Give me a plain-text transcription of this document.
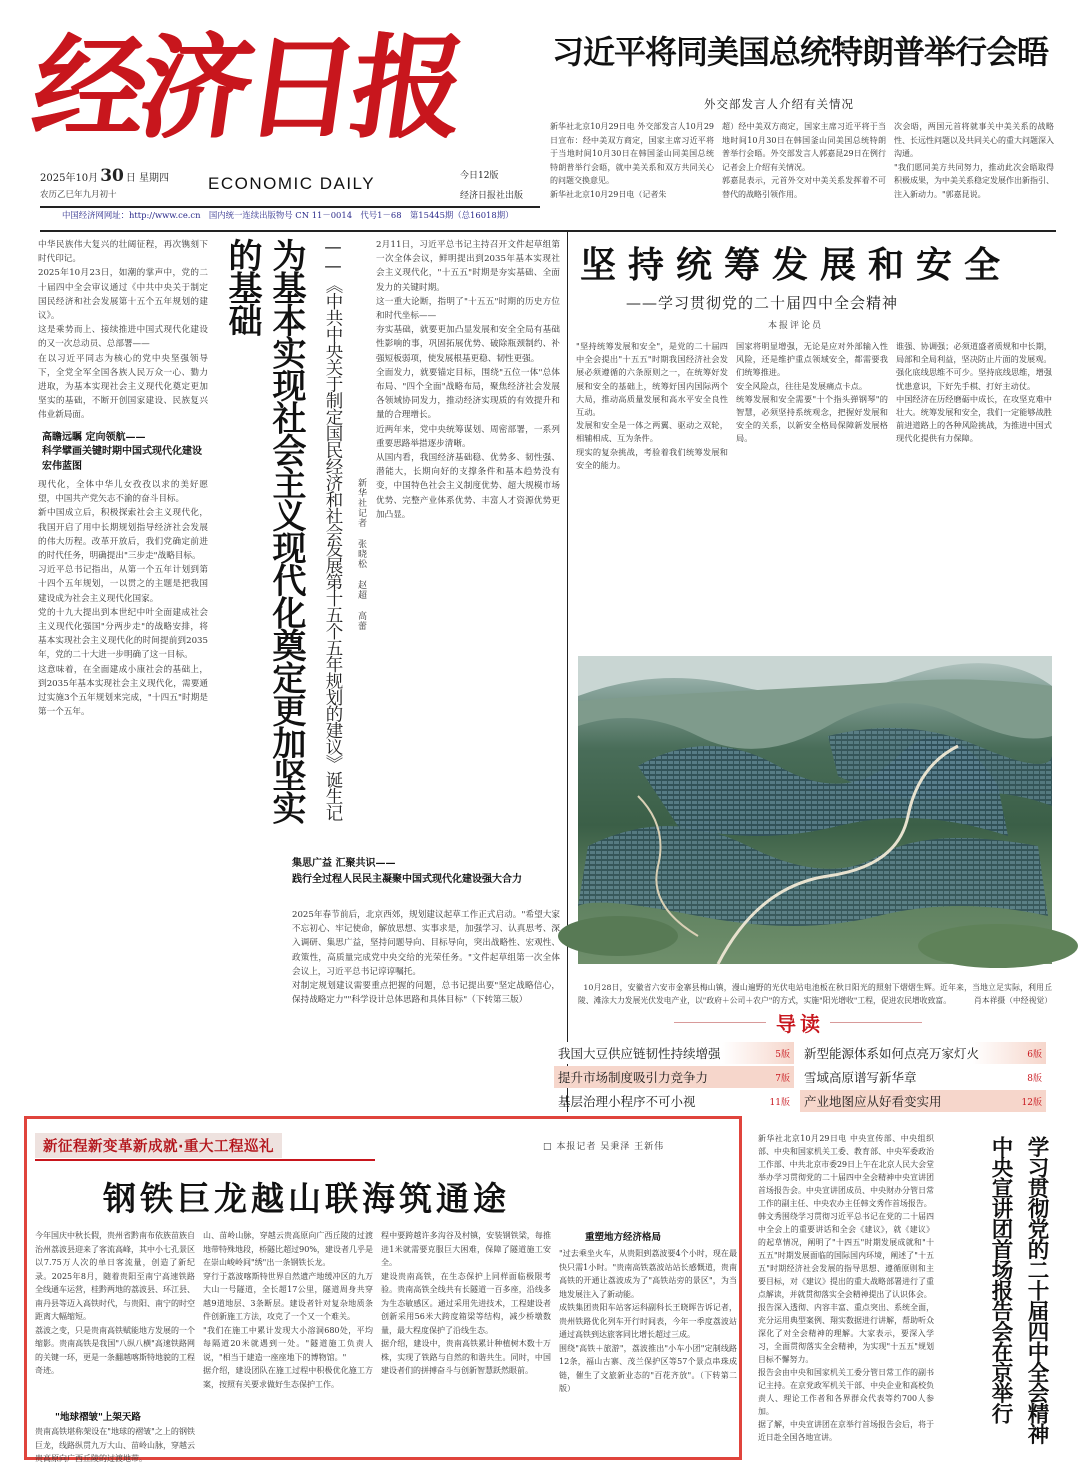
经济日报
2025年10月 30 日 星期四
农历乙巳年九月初十
ECONOMIC DAILY	今日12版
经济日报社出版
中国经济网网址：http://www.ce.cn　国内统一连续出版物号 CN 11－0014　代号1－68　第15445期（总16018期）
习近平将同美国总统特朗普举行会晤
外交部发言人介绍有关情况
新华社北京10月29日电 外交部发言人10月29日宣布：经中美双方商定，国家主席习近平将于当地时间10月30日在韩国釜山同美国总统特朗普举行会晤，就中美关系和双方共同关心的问题交换意见。
新华社北京10月29日电（记者朱
超）经中美双方商定，国家主席习近平将于当地时间10月30日在韩国釜山同美国总统特朗普举行会晤。外交部发言人郭嘉昆29日在例行记者会上介绍有关情况。
郭嘉昆表示，元首外交对中美关系发挥着不可替代的战略引领作用。
次会晤，两国元首将就事关中美关系的战略性、长远性问题以及共同关心的重大问题深入沟通。
"我们愿同美方共同努力，推动此次会晤取得积极成果，为中美关系稳定发展作出新指引、注入新动力。"郭嘉昆说。
中华民族伟大复兴的壮阔征程，再次镌刻下时代印记。
2025年10月23日，如潮的掌声中，党的二十届四中全会审议通过《中共中央关于制定国民经济和社会发展第十五个五年规划的建议》。
这是乘势而上、接续推进中国式现代化建设的又一次总动员、总部署——
在以习近平同志为核心的党中央坚强领导下，全党全军全国各族人民万众一心、勠力进取，为基本实现社会主义现代化奠定更加坚实的基础，不断开创国家建设、民族复兴伟业新局面。
高瞻远瞩 定向领航——
科学擘画关键时期中国式现代化建设宏伟蓝图
现代化，全体中华儿女孜孜以求的美好愿望，中国共产党矢志不渝的奋斗目标。
新中国成立后，积极探索社会主义现代化，我国开启了用中长期规划指导经济社会发展的伟大历程。改革开放后，我们党确定前进的时代任务，明确提出"三步走"战略目标。
习近平总书记指出，从第一个五年计划到第十四个五年规划，一以贯之的主题是把我国建设成为社会主义现代化国家。
党的十九大提出到本世纪中叶全面建成社会主义现代化强国"分两步走"的战略安排，将基本实现社会主义现代化的时间提前到2035年，党的二十大进一步明确了这一目标。
这意味着，在全面建成小康社会的基础上，到2035年基本实现社会主义现代化，需要通过实施3个五年规划来完成，"十四五"时期是第一个五年。	为基本实现社会主义现代化奠定更加坚实的基础	——《中共中央关于制定国民经济和社会发展第十五个五年规划的建议》诞生记	新华社记者 张晓松 赵超 高蕾
2月11日，习近平总书记主持召开文件起草组第一次全体会议，鲜明提出到2035年基本实现社会主义现代化，"十五五"时期是夯实基础、全面发力的关键时期。
这一重大论断，指明了"十五五"时期的历史方位和时代坐标——
夯实基础，就要更加凸显发展和安全全局有基础性影响的事，巩固拓展优势、破除瓶颈制约、补强短板弱项，使发展根基更稳、韧性更强。
全面发力，就要锚定目标，围绕"五位一体"总体布局、"四个全面"战略布局，聚焦经济社会发展各领域协同发力，推动经济实现质的有效提升和量的合理增长。
近两年来，党中央统筹谋划、周密部署，一系列重要思路举措逐步清晰。
从国内看，我国经济基础稳、优势多、韧性强、潜能大，长期向好的支撑条件和基本趋势没有变，中国特色社会主义制度优势、超大规模市场优势、完整产业体系优势、丰富人才资源优势更加凸显。
集思广益 汇聚共识——
践行全过程人民民主凝聚中国式现代化建设强大合力
2025年春节前后，北京西郊，规划建议起草工作正式启动。"希望大家不忘初心、牢记使命，解放思想、实事求是，加强学习、认真思考、深入调研、集思广益，坚持问题导向、目标导向，突出战略性、宏观性、政策性，高质量完成党中央交给的光荣任务。"文件起草组第一次全体会议上，习近平总书记谆谆嘱托。
对制定规划建议需要重点把握的问题，总书记提出要"坚定战略信心，保持战略定力""科学设计总体思路和具体目标"（下转第三版）
坚持统筹发展和安全
——学习贯彻党的二十届四中全会精神
本报评论员
"坚持统筹发展和安全"，是党的二十届四中全会提出"十五五"时期我国经济社会发展必须遵循的六条原则之一，在统筹好发展和安全的基础上，统筹好国内国际两个大局，推动高质量发展和高水平安全良性互动。
发展和安全是一体之两翼、驱动之双轮，相辅相成、互为条件。
现实的复杂挑战，考验着我们统筹发展和安全的能力。
国家将明显增强，无论是应对外部输入性风险，还是维护重点领域安全，都需要我们统筹推进。
安全风险点，往往是发展痛点卡点。
统筹发展和安全需要"十个指头弹钢琴"的智慧，必须坚持系统观念，把握好发展和安全的关系，以新安全格局保障新发展格局。
谁强、协调强；必须道盛者质规和中长期，局部和全局利益，坚决防止片面的发展观。
强化底线思维不可少。坚持底线思维，增强忧患意识，下好先手棋、打好主动仗。
中国经济在历经磨砺中成长，在攻坚克难中壮大。统筹发展和安全，我们一定能够战胜前进道路上的各种风险挑战，为推进中国式现代化提供有力保障。

10月28日，安徽省六安市金寨县梅山镇，漫山遍野的光伏电站电池板在秋日阳光的照射下熠熠生辉。近年来，当地立足实际，利用丘陵、滩涂大力发展光伏发电产业，以"政府＋公司＋农户"的方式，实施"阳光增收"工程，促进农民增收致富。　	肖本祥摄（中经视觉）

导读
我国大豆供应链韧性持续增强	5版 新型能源体系如何点亮万家灯火	6版
提升市场制度吸引力竞争力	7版 雪域高原谱写新华章	8版
基层治理小程序不可小视	11版 产业地图应从好看变实用	12版
新征程新变革新成就·重大工程巡礼	□ 本报记者 吴秉泽 王新伟
钢铁巨龙越山联海筑通途
今年国庆中秋长假，贵州省黔南布依族苗族自治州荔波县迎来了客流高峰，其中小七孔景区以7.75万人次的单日客流量，创造了新纪录。2025年8月，随着贵阳至南宁高速铁路全线通车运营，桂黔两地的荔波县、环江县、南丹县等迈入高铁时代，与贵阳、南宁的时空距离大幅缩短。
荔波之变，只是贵南高铁赋能地方发展的一个缩影。贵南高铁是我国"八纵八横"高速铁路网的关键一环，更是一条翻越喀斯特地貌的工程奇迹。
"地球褶皱"上架天路
贵南高铁堪称架设在"地球的褶皱"之上的钢铁巨龙，线路纵贯九万大山、苗岭山脉，穿越云贵高原向广西丘陵的过渡地带。
山、苗岭山脉，穿越云贵高原向广西丘陵的过渡地带特殊地段，桥隧比超过90%，建设者几乎是在崇山峻岭间"绣"出一条钢铁长龙。
穿行于荔波喀斯特世界自然遗产地缓冲区的九万大山一号隧道，全长超17公里，隧道周身共穿越9道地层、3条断层。建设者针对复杂地质条件创新施工方法，攻克了一个又一个难关。
"我们在施工中累计发现大小溶洞680处，平均每隔道20米就遇到一处。"隧道施工负责人说，"相当于建造一座座地下的博物馆。"
据介绍，建设团队在施工过程中积极优化施工方案，按照有关要求做好生态保护工作。
程中要跨越许多沟谷及村镇，安装钢铁梁，每推进1米就需要克服巨大困难，保障了隧道施工安全。
建设贵南高铁，在生态保护上同样面临极限考验。贵南高铁全线共有长隧道一百多座，沿线多为生态敏感区。通过采用先进技术，工程建设者创新采用56米大跨度箱梁等结构，减少桥墩数量，最大程度保护了沿线生态。
据介绍，建设中，贵南高铁累计种植树木数十万株，实现了铁路与自然的和谐共生。同时，中国建设者们的拼搏奋斗与创新智慧跃然眼前。
重塑地方经济格局
"过去乘坐火车，从贵阳到荔波要4个小时，现在最快只需1小时。"贵南高铁荔波站站长感慨道，贵南高铁的开通让荔波成为了"高铁站旁的景区"，为当地发展注入了新动能。
成铁集团贵阳车站客运科副科长王晓晖告诉记者，贵州铁路优化列车开行时间表，今年一季度荔波站通过高铁到达旅客同比增长超过三成。
围绕"高铁＋旅游"，荔波推出"小车小团"定制线路12条，福山古寨、茂兰保护区等57个景点串珠成链，催生了文旅新业态的"百花齐放"。（下转第二版）
新华社北京10月29日电 中央宣传部、中央组织部、中央和国家机关工委、教育部、中央军委政治工作部、中共北京市委29日上午在北京人民大会堂举办学习贯彻党的二十届四中全会精神中央宣讲团首场报告会。中央宣讲团成员、中央财办分管日常工作的副主任、中央农办主任韩文秀作首场报告。
韩文秀围绕学习贯彻习近平总书记在党的二十届四中全会上的重要讲话和全会《建议》，就《建议》的起草情况，阐明了"十四五"时期发展成就和"十五五"时期发展面临的国际国内环境，阐述了"十五五"时期经济社会发展的指导思想、遵循原则和主要目标，对《建议》提出的重大战略部署进行了重点解读，并就贯彻落实全会精神提出了认识体会。
报告深入透彻、内容丰富、重点突出、系统全面，充分运用典型案例、翔实数据进行讲解，帮助听众深化了对全会精神的理解。大家表示，要深入学习，全面贯彻落实全会精神，为实现"十五五"规划目标不懈努力。
报告会由中央和国家机关工委分管日常工作的副书记主持。在京党政军机关干部、中央企业和高校负责人、理论工作者和各界群众代表等约700人参加。
据了解，中央宣讲团在京举行首场报告会后，将于近日赴全国各地宣讲。	学习贯彻党的二十届四中全会精神 中央宣讲团首场报告会在京举行
